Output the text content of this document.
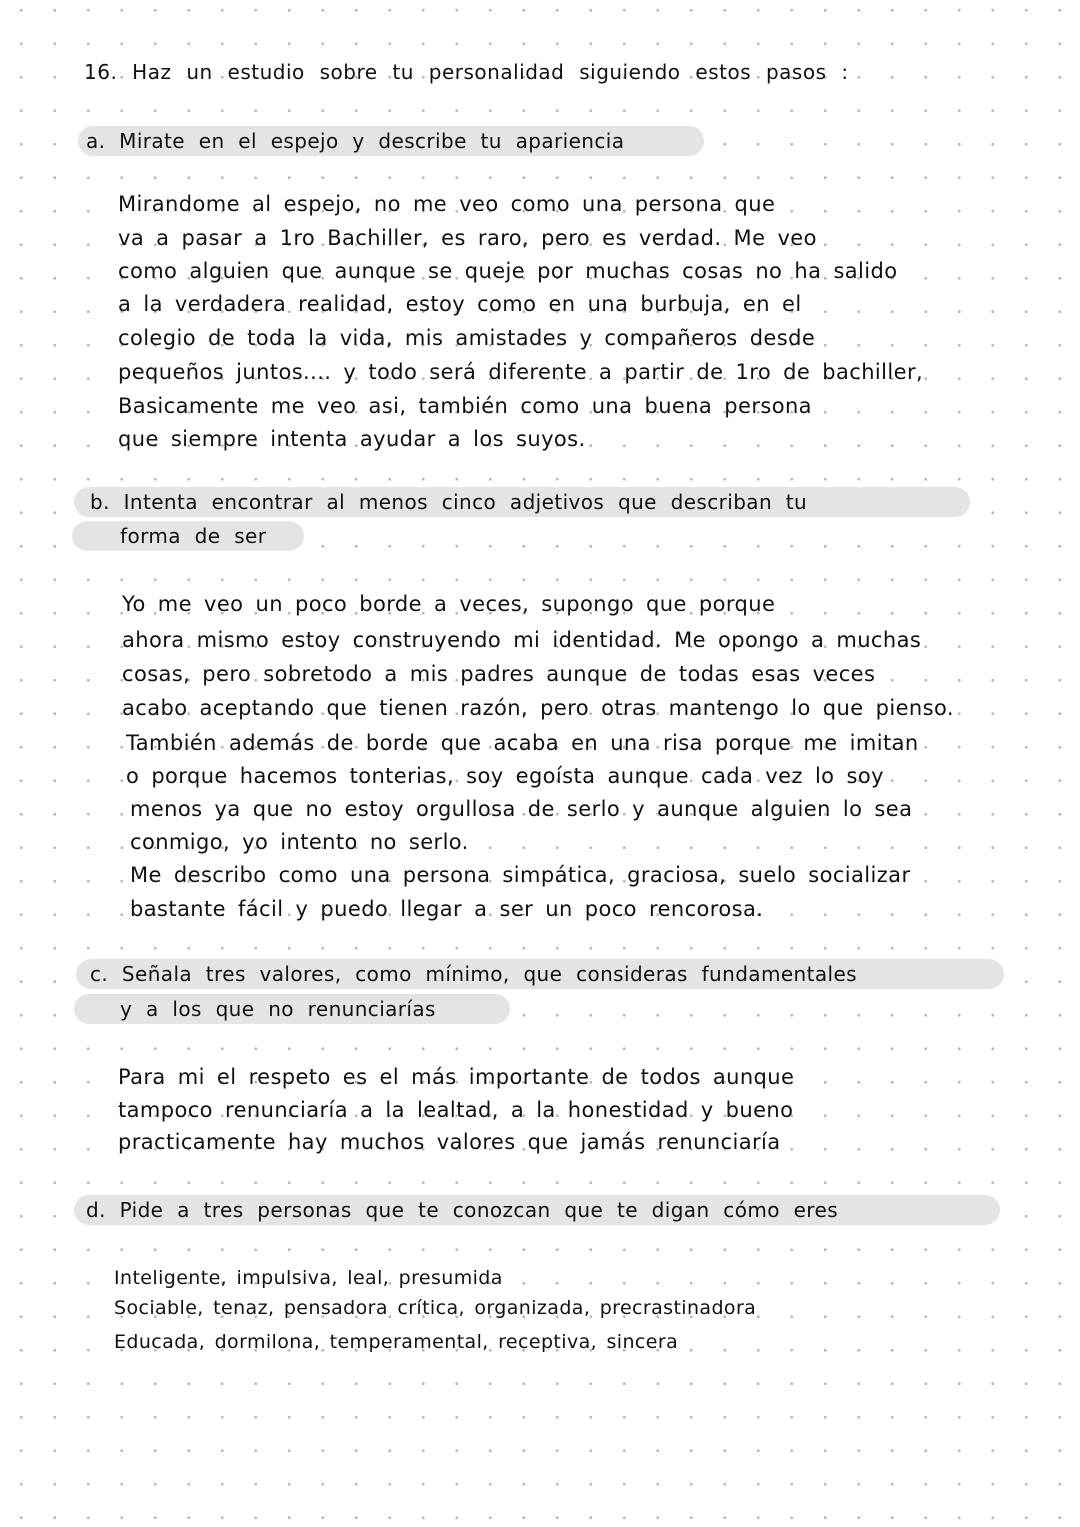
16. Haz un estudio sobre tu personalidad siguiendo estos pasos :
a. Mirate en el espejo y describe tu apariencia
Mirandome al espejo, no me veo como una persona que
va a pasar a 1ro Bachiller, es raro, pero es verdad. Me veo
como alguien que aunque se queje por muchas cosas no ha salido
a la verdadera realidad, estoy como en una burbuja, en el
colegio de toda la vida, mis amistades y compañeros desde
pequeños juntos.... y todo será diferente a partir de 1ro de bachiller,
Basicamente me veo asi, también como una buena persona
que siempre intenta ayudar a los suyos.
b. Intenta encontrar al menos cinco adjetivos que describan tu
forma de ser
Yo me veo un poco borde a veces, supongo que porque
ahora mismo estoy construyendo mi identidad. Me opongo a muchas
cosas, pero sobretodo a mis padres aunque de todas esas veces
acabo aceptando que tienen razón, pero otras mantengo lo que pienso.
También además de borde que acaba en una risa porque me imitan
o porque hacemos tonterias, soy egoísta aunque cada vez lo soy
menos ya que no estoy orgullosa de serlo y aunque alguien lo sea
conmigo, yo intento no serlo.
Me describo como una persona simpática, graciosa, suelo socializar
bastante fácil y puedo llegar a ser un poco rencorosa.
c. Señala tres valores, como mínimo, que consideras fundamentales
y a los que no renunciarías
Para mi el respeto es el más importante de todos aunque
tampoco renunciaría a la lealtad, a la honestidad y bueno
practicamente hay muchos valores que jamás renunciaría
d. Pide a tres personas que te conozcan que te digan cómo eres
Inteligente, impulsiva, leal, presumida
Sociable, tenaz, pensadora crítica, organizada, precrastinadora
Educada, dormilona, temperamental, receptiva, sincera
